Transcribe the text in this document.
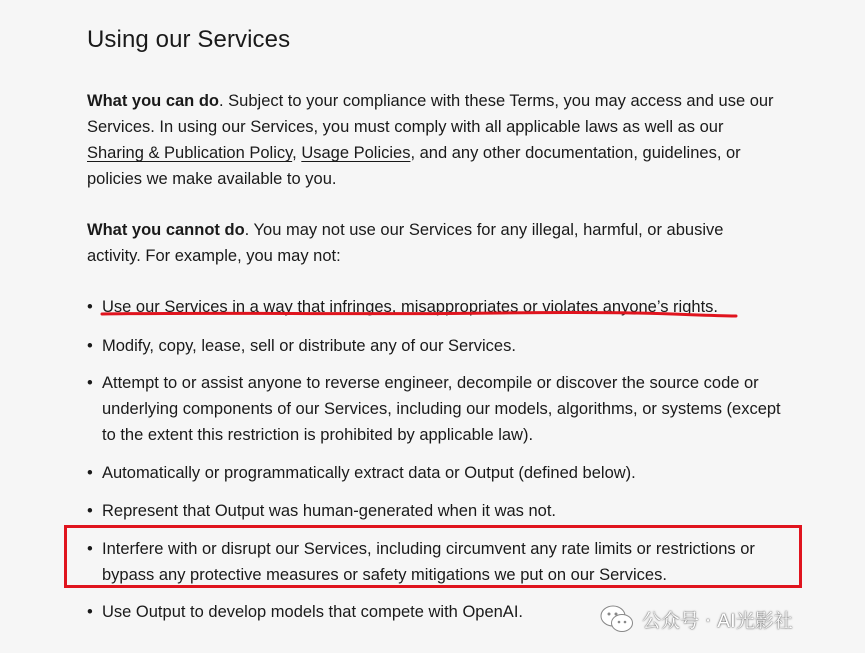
Using our Services

What you can do. Subject to your compliance with these Terms, you may access and use our Services. In using our Services, you must comply with all applicable laws as well as our Sharing & Publication Policy, Usage Policies, and any other documentation, guidelines, or policies we make available to you.

What you cannot do. You may not use our Services for any illegal, harmful, or abusive activity. For example, you may not:

• Use our Services in a way that infringes, misappropriates or violates anyone’s rights.
• Modify, copy, lease, sell or distribute any of our Services.
• Attempt to or assist anyone to reverse engineer, decompile or discover the source code or underlying components of our Services, including our models, algorithms, or systems (except to the extent this restriction is prohibited by applicable law).
• Automatically or programmatically extract data or Output (defined below).
• Represent that Output was human-generated when it was not.
• Interfere with or disrupt our Services, including circumvent any rate limits or restrictions or bypass any protective measures or safety mitigations we put on our Services.
• Use Output to develop models that compete with OpenAI.	公众号 · AI光影社
